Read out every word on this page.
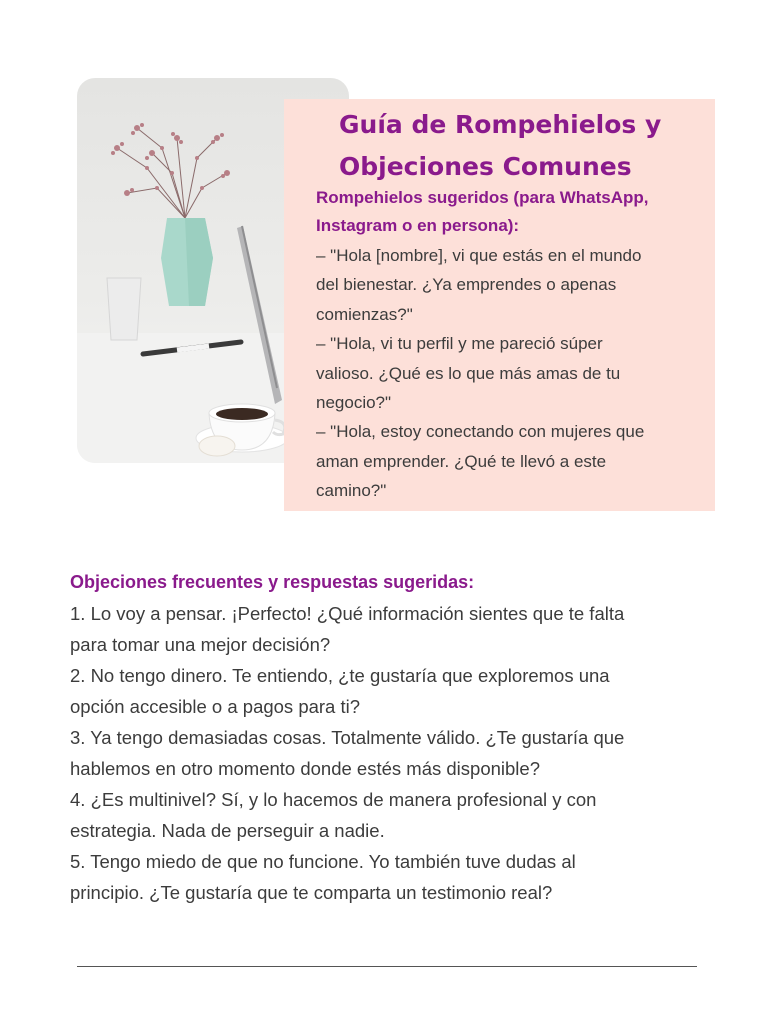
Guía de Rompehielos y
Objeciones Comunes
Rompehielos sugeridos (para WhatsApp,
Instagram o en persona):

– "Hola [nombre], vi que estás en el mundo

del bienestar. ¿Ya emprendes o apenas

comienzas?"

– "Hola, vi tu perfil y me pareció súper

valioso. ¿Qué es lo que más amas de tu

negocio?"

– "Hola, estoy conectando con mujeres que

aman emprender. ¿Qué te llevó a este

camino?"

Objeciones frecuentes y respuestas sugeridas:

1. Lo voy a pensar. ¡Perfecto! ¿Qué información sientes que te falta

para tomar una mejor decisión?

2. No tengo dinero. Te entiendo, ¿te gustaría que exploremos una

opción accesible o a pagos para ti?

3. Ya tengo demasiadas cosas. Totalmente válido. ¿Te gustaría que

hablemos en otro momento donde estés más disponible?

4. ¿Es multinivel? Sí, y lo hacemos de manera profesional y con

estrategia. Nada de perseguir a nadie.

5. Tengo miedo de que no funcione. Yo también tuve dudas al

principio. ¿Te gustaría que te comparta un testimonio real?
